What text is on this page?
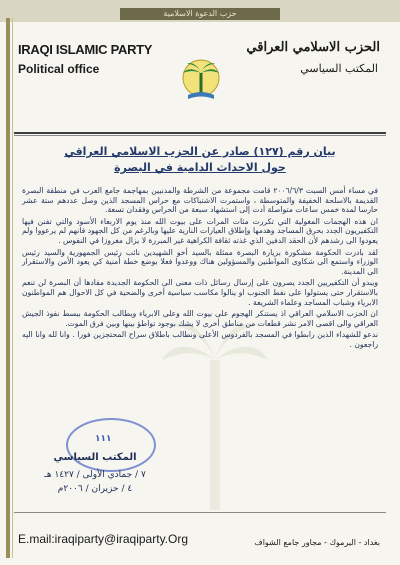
حزب الدعوة الاسلامية
IRAQI ISLAMIC PARTY
Political office
الحزب الاسلامي العراقي
المكتب السياسي
بيان رقم (١٢٧) صادر عن الحزب الاسلامي العراقي
حول الاحداث الدامية في البصرة

في مساء أمس السبت ٢٠٠٦/٦/٣ قامت مجموعة من الشرطة والمدنيين بمهاجمة جامع العرب في منطقة البصرة القديمة بالاسلحة الخفيفة والمتوسطة ، واستمرت الاشتباكات مع حراس المسجد الذين وصل عددهم ستة عشر حارسا لمدة خمس ساعات متواصلة أدت إلى استشهاد سبعة من الحراس وفقدان تسعة.

ان هذه الهجمات المغولية التي تكررت مئات المرات على بيوت الله منذ يوم الاربعاء الأسود والتي تفنن فيها التكفيريون الجدد بحرق المساجد وهدمها وإطلاق العيارات النارية عليها وبالرغم من كل الجهود فانهم لم يرعووا ولم يعودوا الى رشدهم لأن الحقد الدفين الذي غذته ثقافة الكراهية غير المبررة لا يزال مغروزا في النفوس .

لقد بادرت الحكومة مشكورة بزيارة البصرة ممثلة بالسيد أخو الشهيدين نائب رئيس الجمهورية والسيد رئيس الوزراء واستمع الى شكاوى المواطنين والمسؤولين هناك ووعدوا فعلا بوضع خطة أمنية كي يعود الأمن والاستقرار الى المدينة.

ويبدو أن التكفيريين الجدد يصرون على إرسال رسائل ذات معنى الى الحكومة الجديدة مفادها أن البصرة لن تنعم بالاستقرار حتى يستولوا على نفط الجنوب او ينالوا مكاسب سياسية أخرى والضحية في كل الاحوال هم المواطنون الابرياء وشباب المساجد وعلماء الشريعة .

ان الحزب الاسلامي العراقي اذ يستنكر الهجوم على بيوت الله وعلى الابرياء ويطالب الحكومة ببسط نفوذ الجيش العراقي والى اقصى الامر نشر قطعات من مناطق أخرى لا يشك بوجود تواطؤ بينها وبين فرق الموت.

ندعو للشهداء الذين رابطوا في المسجد بالفردوس الأعلى ونطالب باطلاق سراح المحتجزين فورا . وانا لله وانا اليه راجعون .

١١١
المكتب السياسي
٧ / جمادي الأولى / ١٤٢٧ هـ
٤ / حزيران / ٢٠٠٦م
E.mail:iraqiparty@iraqiparty.Org	بغداد - اليرموك - مجاور جامع الشواف
